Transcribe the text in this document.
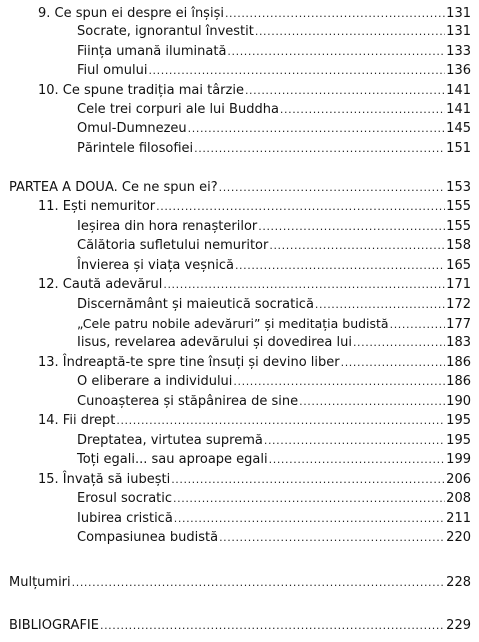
9. Ce spun ei despre ei înșiși .....	131
Socrate, ignorantul învestit .....	131
Ființa umană iluminată .....	133
Fiul omului .....	136
10. Ce spune tradiția mai târzie .....	141
Cele trei corpuri ale lui Buddha .....	141
Omul-Dumnezeu .....	145
Părintele filosofiei .....	151
PARTEA A DOUA. Ce ne spun ei? .....	153
11. Ești nemuritor .....	155
Ieșirea din hora renașterilor .....	155
Călătoria sufletului nemuritor .....	158
Învierea și viața veșnică .....	165
12. Caută adevărul .....	171
Discernământ și maieutică socratică .....	172
„Cele patru nobile adevăruri” și meditația budistă .....	177
Iisus, revelarea adevărului și dovedirea lui .....	183
13. Îndreaptă-te spre tine însuți și devino liber .....	186
O eliberare a individului .....	186
Cunoașterea și stăpânirea de sine .....	190
14. Fii drept .....	195
Dreptatea, virtutea supremă .....	195
Toți egali... sau aproape egali .....	199
15. Învață să iubești .....	206
Erosul socratic .....	208
Iubirea cristică .....	211
Compasiunea budistă .....	220
Mulțumiri .....	228
BIBLIOGRAFIE .....	229
